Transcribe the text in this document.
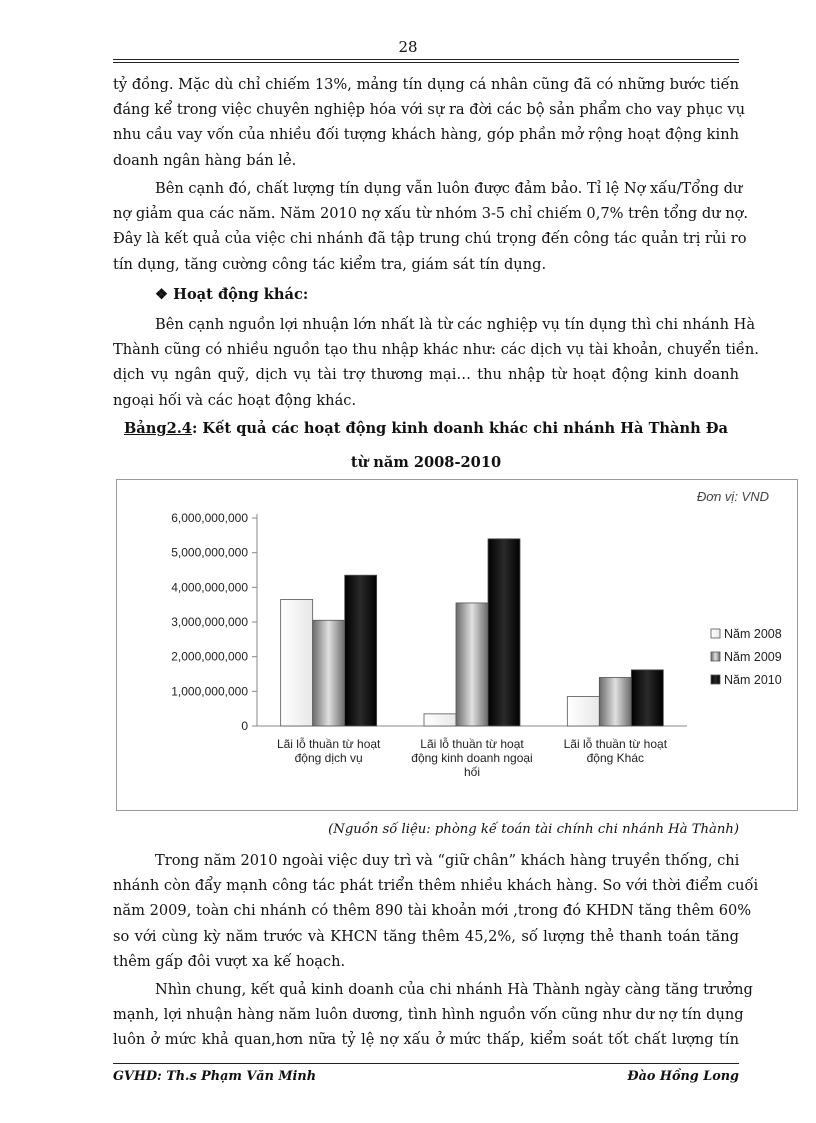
28
tỷ đồng. Mặc dù chỉ chiếm 13%, mảng tín dụng cá nhân cũng đã có những bước tiến
đáng kể trong việc chuyên nghiệp hóa với sự ra đời các bộ sản phẩm cho vay phục vụ
nhu cầu vay vốn của nhiều đối tượng khách hàng, góp phần mở rộng hoạt động kinh
doanh ngân hàng bán lẻ.
Bên cạnh đó, chất lượng tín dụng vẫn luôn được đảm bảo. Tỉ lệ Nợ xấu/Tổng dư
nợ giảm qua các năm. Năm 2010 nợ xấu từ nhóm 3-5 chỉ chiếm 0,7% trên tổng dư nợ.
Đây là kết quả của việc chi nhánh đã tập trung chú trọng đến công tác quản trị rủi ro
tín dụng, tăng cường công tác kiểm tra, giám sát tín dụng.
❖ Hoạt động khác:
Bên cạnh nguồn lợi nhuận lớn nhất là từ các nghiệp vụ tín dụng thì chi nhánh Hà
Thành cũng có nhiều nguồn tạo thu nhập khác như: các dịch vụ tài khoản, chuyển tiền.
dịch vụ ngân quỹ, dịch vụ tài trợ thương mại… thu nhập từ hoạt động kinh doanh
ngoại hối và các hoạt động khác.
Bảng2.4: Kết quả các hoạt động kinh doanh khác chi nhánh Hà Thành Đa
từ năm 2008-2010
Đơn vị: VND
0
1,000,000,000
2,000,000,000
3,000,000,000
4,000,000,000
5,000,000,000
6,000,000,000
Lãi lỗ thuần từ hoạt
động dịch vụ
Lãi lỗ thuần từ hoạt
động kinh doanh ngoại
hối
Lãi lỗ thuần từ hoạt
động Khác
Năm 2008
Năm 2009
Năm 2010
(Nguồn số liệu: phòng kế toán tài chính chi nhánh Hà Thành)
Trong năm 2010 ngoài việc duy trì và “giữ chân” khách hàng truyền thống, chi
nhánh còn đẩy mạnh công tác phát triển thêm nhiều khách hàng. So với thời điểm cuối
năm 2009, toàn chi nhánh có thêm 890 tài khoản mới ,trong đó KHDN tăng thêm 60%
so với cùng kỳ năm trước và KHCN tăng thêm 45,2%, số lượng thẻ thanh toán tăng
thêm gấp đôi vượt xa kế hoạch.
Nhìn chung, kết quả kinh doanh của chi nhánh Hà Thành ngày càng tăng trưởng
mạnh, lợi nhuận hàng năm luôn dương, tình hình nguồn vốn cũng như dư nợ tín dụng
luôn ở mức khả quan,hơn nữa tỷ lệ nợ xấu ở mức thấp, kiểm soát tốt chất lượng tín
GVHD: Th.s Phạm Văn Minh	Đào Hồng Long
